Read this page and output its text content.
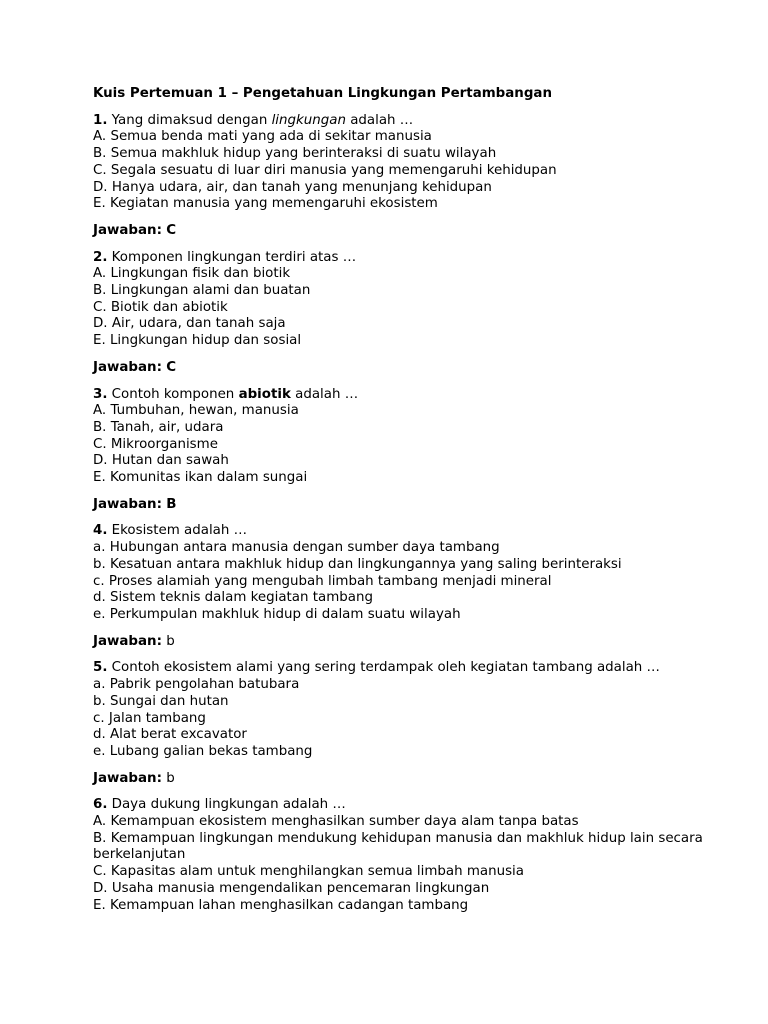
Kuis Pertemuan 1 – Pengetahuan Lingkungan Pertambangan

1. Yang dimaksud dengan lingkungan adalah …

A. Semua benda mati yang ada di sekitar manusia

B. Semua makhluk hidup yang berinteraksi di suatu wilayah

C. Segala sesuatu di luar diri manusia yang memengaruhi kehidupan

D. Hanya udara, air, dan tanah yang menunjang kehidupan

E. Kegiatan manusia yang memengaruhi ekosistem

Jawaban: C

2. Komponen lingkungan terdiri atas …

A. Lingkungan fisik dan biotik

B. Lingkungan alami dan buatan

C. Biotik dan abiotik

D. Air, udara, dan tanah saja

E. Lingkungan hidup dan sosial

Jawaban: C

3. Contoh komponen abiotik adalah …

A. Tumbuhan, hewan, manusia

B. Tanah, air, udara

C. Mikroorganisme

D. Hutan dan sawah

E. Komunitas ikan dalam sungai

Jawaban: B

4. Ekosistem adalah …

a. Hubungan antara manusia dengan sumber daya tambang

b. Kesatuan antara makhluk hidup dan lingkungannya yang saling berinteraksi

c. Proses alamiah yang mengubah limbah tambang menjadi mineral

d. Sistem teknis dalam kegiatan tambang

e. Perkumpulan makhluk hidup di dalam suatu wilayah

Jawaban: b

5. Contoh ekosistem alami yang sering terdampak oleh kegiatan tambang adalah …

a. Pabrik pengolahan batubara

b. Sungai dan hutan

c. Jalan tambang

d. Alat berat excavator

e. Lubang galian bekas tambang

Jawaban: b

6. Daya dukung lingkungan adalah …

A. Kemampuan ekosistem menghasilkan sumber daya alam tanpa batas

B. Kemampuan lingkungan mendukung kehidupan manusia dan makhluk hidup lain secara berkelanjutan

C. Kapasitas alam untuk menghilangkan semua limbah manusia

D. Usaha manusia mengendalikan pencemaran lingkungan

E. Kemampuan lahan menghasilkan cadangan tambang
